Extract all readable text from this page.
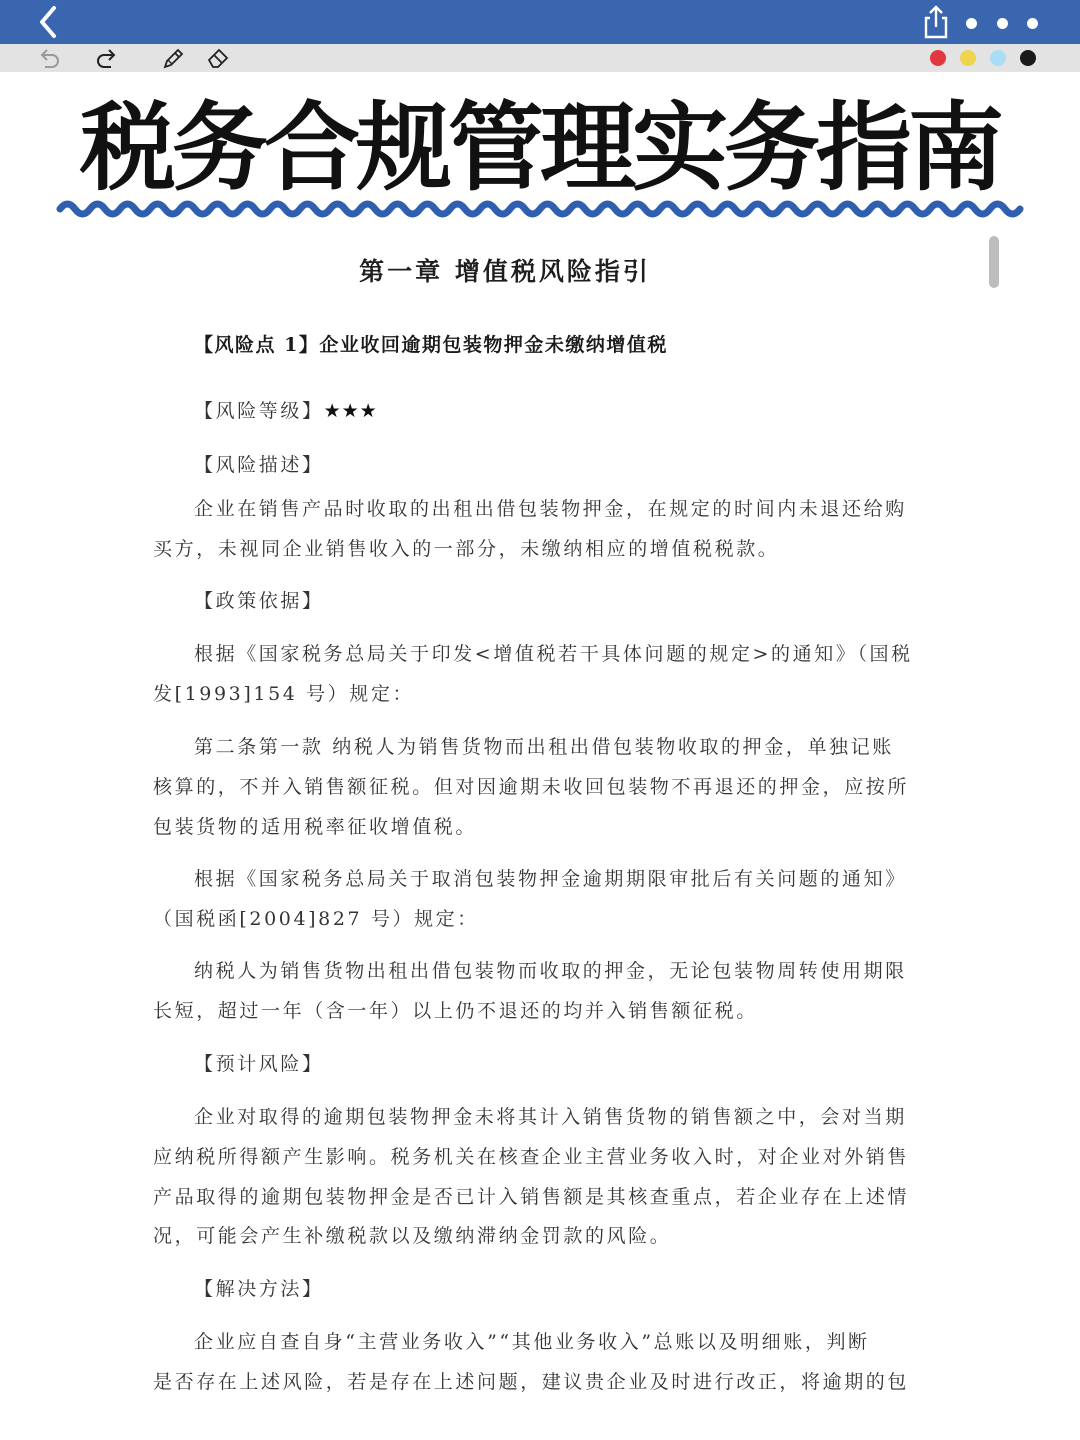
税务合规管理实务指南
第一章 增值税风险指引
【风险点 1】企业收回逾期包装物押金未缴纳增值税
【风险等级】★★★
【风险描述】
企业在销售产品时收取的出租出借包装物押金，在规定的时间内未退还给购
买方，未视同企业销售收入的一部分，未缴纳相应的增值税税款。
【政策依据】
根据《国家税务总局关于印发<增值税若干具体问题的规定>的通知》（国税
发[1993]154 号）规定：
第二条第一款 纳税人为销售货物而出租出借包装物收取的押金，单独记账
核算的，不并入销售额征税。但对因逾期未收回包装物不再退还的押金，应按所
包装货物的适用税率征收增值税。
根据《国家税务总局关于取消包装物押金逾期期限审批后有关问题的通知》
（国税函[2004]827 号）规定：
纳税人为销售货物出租出借包装物而收取的押金，无论包装物周转使用期限
长短，超过一年（含一年）以上仍不退还的均并入销售额征税。
【预计风险】
企业对取得的逾期包装物押金未将其计入销售货物的销售额之中，会对当期
应纳税所得额产生影响。税务机关在核查企业主营业务收入时，对企业对外销售
产品取得的逾期包装物押金是否已计入销售额是其核查重点，若企业存在上述情
况，可能会产生补缴税款以及缴纳滞纳金罚款的风险。
【解决方法】
企业应自查自身“主营业务收入”“其他业务收入”总账以及明细账，判断
是否存在上述风险，若是存在上述问题，建议贵企业及时进行改正，将逾期的包
